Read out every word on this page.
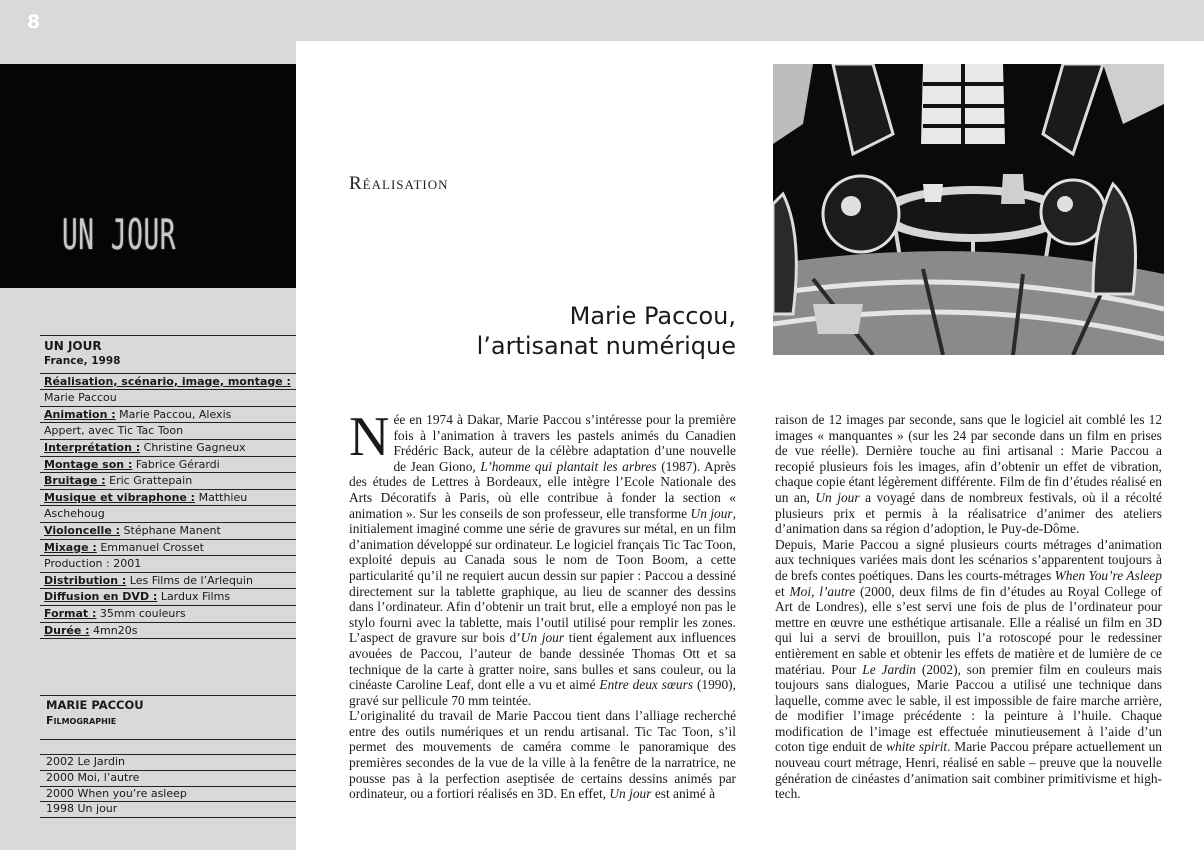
8
UN JOUR
UN JOUR
France, 1998
Réalisation, scénario, image, montage :
Marie Paccou
Animation : Marie Paccou, Alexis
Appert, avec Tic Tac Toon
Interprétation : Christine Gagneux
Montage son : Fabrice Gérardi
Bruitage : Eric Grattepain
Musique et vibraphone : Matthieu
Aschehoug
Violoncelle : Stéphane Manent
Mixage : Emmanuel Crosset
Production : 2001
Distribution : Les Films de l’Arlequin
Diffusion en DVD : Lardux Films
Format : 35mm couleurs
Durée : 4mn20s
MARIE PACCOU
Filmographie
2002 Le Jardin
2000 Moi, l’autre
2000 When you’re asleep
1998 Un jour
Réalisation
Marie Paccou,
l’artisanat numérique

Née en 1974 à Dakar, Marie Paccou s’intéresse pour la première fois à l’animation à travers les pastels animés du Canadien Frédéric Back, auteur de la célèbre adaptation d’une nouvelle de Jean Giono, L’homme qui plantait les arbres (1987). Après des études de Lettres à Bordeaux, elle intègre l’Ecole Nationale des Arts Décoratifs à Paris, où elle contribue à fonder la section « animation ». Sur les conseils de son professeur, elle transforme Un jour, initialement imaginé comme une série de gravures sur métal, en un film d’animation développé sur ordinateur. Le logiciel français Tic Tac Toon, exploité depuis au Canada sous le nom de Toon Boom, a cette particularité qu’il ne requiert aucun dessin sur papier : Paccou a dessiné directement sur la tablette graphique, au lieu de scanner des dessins dans l’ordinateur. Afin d’obtenir un trait brut, elle a employé non pas le stylo fourni avec la tablette, mais l’outil utilisé pour remplir les zones. L’aspect de gravure sur bois d’Un jour tient également aux influences avouées de Paccou, l’auteur de bande dessinée Thomas Ott et sa technique de la carte à gratter noire, sans bulles et sans couleur, ou la cinéaste Caroline Leaf, dont elle a vu et aimé Entre deux sœurs (1990), gravé sur pellicule 70 mm teintée.

L’originalité du travail de Marie Paccou tient dans l’alliage recherché entre des outils numériques et un rendu artisanal. Tic Tac Toon, s’il permet des mouvements de caméra comme le panoramique des premières secondes de la vue de la ville à la fenêtre de la narratrice, ne pousse pas à la perfection aseptisée de certains dessins animés par ordinateur, ou a fortiori réalisés en 3D. En effet, Un jour est animé à

raison de 12 images par seconde, sans que le logiciel ait comblé les 12 images « manquantes » (sur les 24 par seconde dans un film en prises de vue réelle). Dernière touche au fini artisanal : Marie Paccou a recopié plusieurs fois les images, afin d’obtenir un effet de vibration, chaque copie étant légèrement différente. Film de fin d’études réalisé en un an, Un jour a voyagé dans de nombreux festivals, où il a récolté plusieurs prix et permis à la réalisatrice d’animer des ateliers d’animation dans sa région d’adoption, le Puy-de-Dôme.

Depuis, Marie Paccou a signé plusieurs courts métrages d’animation aux techniques variées mais dont les scénarios s’apparentent toujours à de brefs contes poétiques. Dans les courts-métrages When You’re Asleep et Moi, l’autre (2000, deux films de fin d’études au Royal College of Art de Londres), elle s’est servi une fois de plus de l’ordinateur pour mettre en œuvre une esthétique artisanale. Elle a réalisé un film en 3D qui lui a servi de brouillon, puis l’a rotoscopé pour le redessiner entièrement en sable et obtenir les effets de matière et de lumière de ce matériau. Pour Le Jardin (2002), son premier film en couleurs mais toujours sans dialogues, Marie Paccou a utilisé une technique dans laquelle, comme avec le sable, il est impossible de faire marche arrière, de modifier l’image précédente : la peinture à l’huile. Chaque modification de l’image est effectuée minutieusement à l’aide d’un coton tige enduit de white spirit. Marie Paccou prépare actuellement un nouveau court métrage, Henri, réalisé en sable – preuve que la nouvelle génération de cinéastes d’animation sait combiner primitivisme et high-tech.
